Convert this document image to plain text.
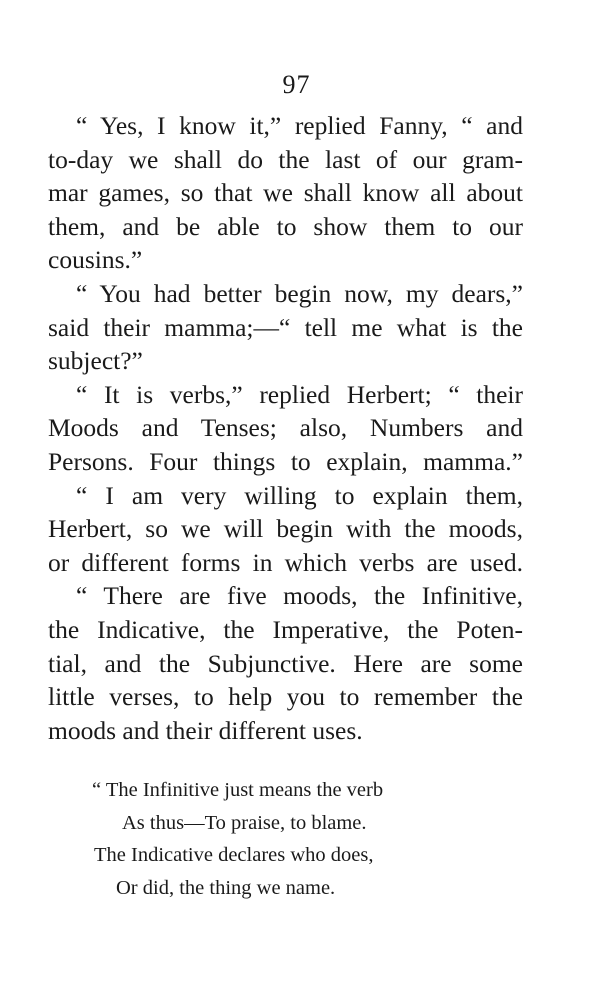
97
“ Yes, I know it,” replied Fanny, “ and
to-day we shall do the last of our gram-
mar games, so that we shall know all about
them, and be able to show them to our
cousins.”
“ You had better begin now, my dears,”
said their mamma;—“ tell me what is the
subject?”
“ It is verbs,” replied Herbert; “ their
Moods and Tenses; also, Numbers and
Persons. Four things to explain, mamma.”
“ I am very willing to explain them,
Herbert, so we will begin with the moods,
or different forms in which verbs are used.
“ There are five moods, the Infinitive,
the Indicative, the Imperative, the Poten-
tial, and the Subjunctive. Here are some
little verses, to help you to remember the
moods and their different uses.
“ The Infinitive just means the verb
As thus—To praise, to blame.
The Indicative declares who does,
Or did, the thing we name.
